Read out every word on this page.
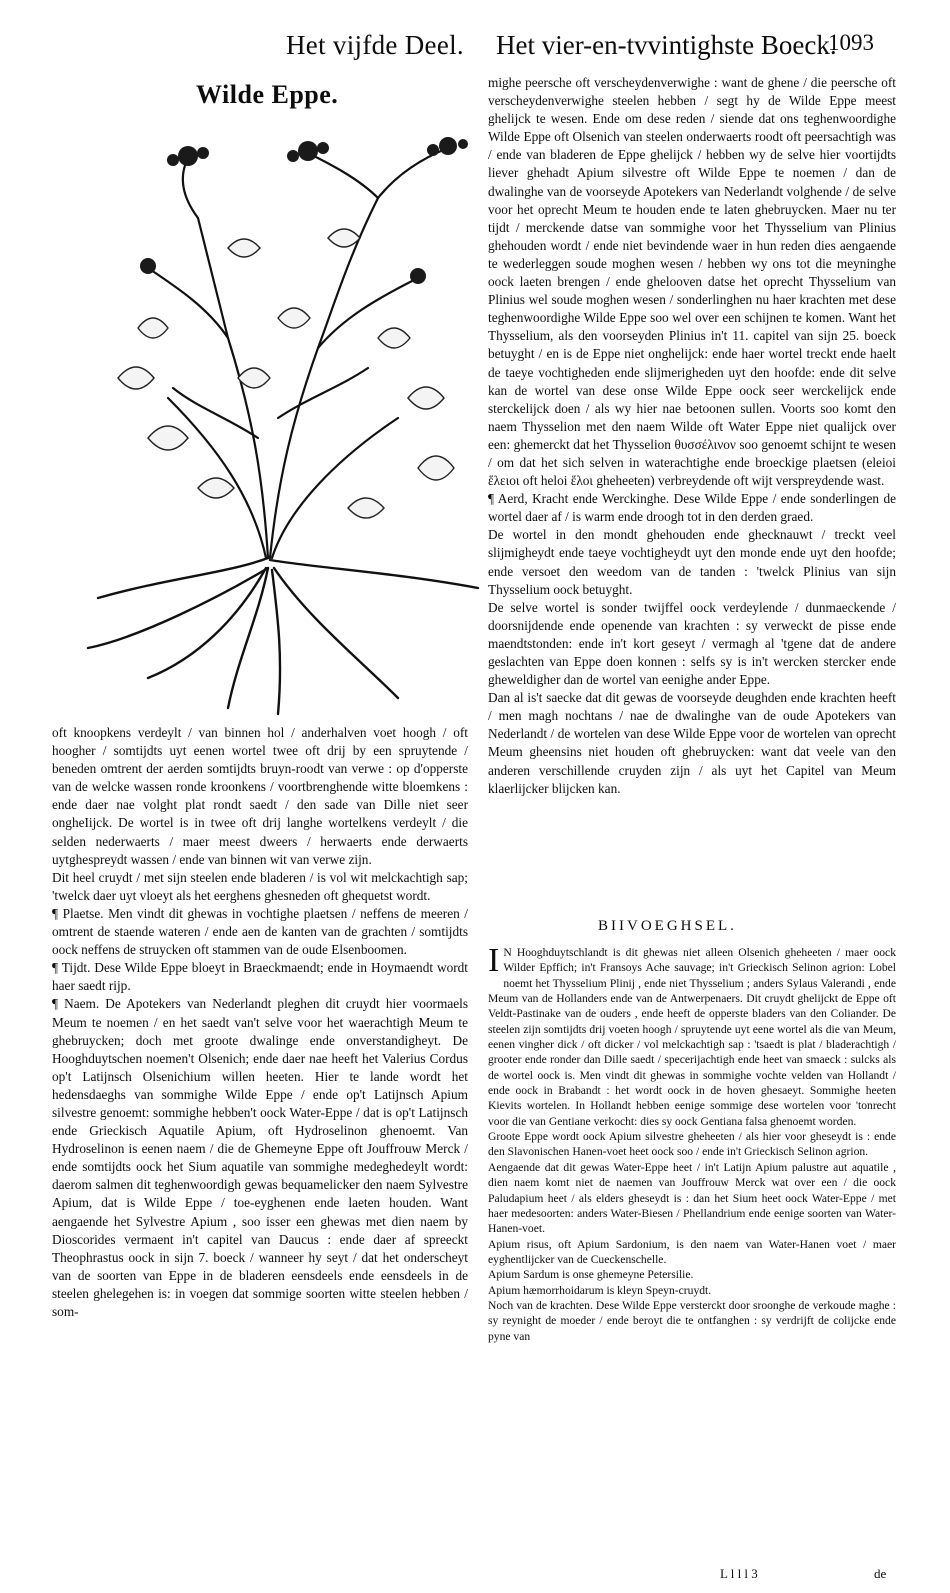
Het vijfde Deel. Het vier-en-tvvintighste Boeck.
1093
Wilde Eppe.

oft knoopkens verdeylt / van binnen hol / anderhalven voet hoogh / oft hoogher / somtijdts uyt eenen wortel twee oft drij by een spruytende / beneden omtrent der aerden somtijdts bruyn-roodt van verwe : op d'opperste van de welcke wassen ronde kroonkens / voortbrenghende witte bloemkens : ende daer nae volght plat rondt saedt / den sade van Dille niet seer ongheIijck. De wortel is in twee oft drij langhe wortelkens verdeylt / die selden nederwaerts / maer meest dweers / herwaerts ende derwaerts uytghespreydt wassen / ende van binnen wit van verwe zijn.

Dit heel cruydt / met sijn steelen ende bladeren / is vol wit melckachtigh sap; 'twelck daer uyt vloeyt als het eerghens ghesneden oft ghequetst wordt.

¶ Plaetse. Men vindt dit ghewas in vochtighe plaetsen / neffens de meeren / omtrent de staende wateren / ende aen de kanten van de grachten / somtijdts oock neffens de struycken oft stammen van de oude Elsenboomen.

¶ Tijdt. Dese Wilde Eppe bloeyt in Braeckmaendt; ende in Hoymaendt wordt haer saedt rijp.

¶ Naem. De Apotekers van Nederlandt pleghen dit cruydt hier voormaels Meum te noemen / en het saedt van't selve voor het waerachtigh Meum te ghebruycken; doch met groote dwalinge ende onverstandigheyt. De Hooghduytschen noemen't Olsenich; ende daer nae heeft het Valerius Cordus op't Latijnsch Olsenichium willen heeten. Hier te lande wordt het hedensdaeghs van sommighe Wilde Eppe / ende op't Latijnsch Apium silvestre genoemt: sommighe hebben't oock Water-Eppe / dat is op't Latijnsch ende Grieckisch Aquatile Apium, oft Hydroselinon ghenoemt. Van Hydroselinon is eenen naem / die de Ghemeyne Eppe oft Jouffrouw Merck / ende somtijdts oock het Sium aquatile van sommighe medeghedeylt wordt: daerom salmen dit teghenwoordigh gewas bequamelicker den naem Sylvestre Apium, dat is Wilde Eppe / toe-eyghenen ende laeten houden. Want aengaende het Sylvestre Apium , soo isser een ghewas met dien naem by Dioscorides vermaent in't capitel van Daucus : ende daer af spreeckt Theophrastus oock in sijn 7. boeck / wanneer hy seyt / dat het onderscheyt van de soorten van Eppe in de bladeren eensdeels ende eensdeels in de steelen ghelegehen is: in voegen dat sommige soorten witte steelen hebben / som-

mighe peersche oft verscheydenverwighe : want de ghene / die peersche oft verscheydenverwighe steelen hebben / segt hy de Wilde Eppe meest ghelijck te wesen. Ende om dese reden / siende dat ons teghenwoordighe Wilde Eppe oft Olsenich van steelen onderwaerts roodt oft peersachtigh was / ende van bladeren de Eppe ghelijck / hebben wy de selve hier voortijdts liever ghehadt Apium silvestre oft Wilde Eppe te noemen / dan de dwalinghe van de voorseyde Apotekers van Nederlandt volghende / de selve voor het oprecht Meum te houden ende te laten ghebruycken. Maer nu ter tijdt / merckende datse van sommighe voor het Thysselium van Plinius ghehouden wordt / ende niet bevindende waer in hun reden dies aengaende te wederleggen soude moghen wesen / hebben wy ons tot die meyninghe oock laeten brengen / ende ghelooven datse het oprecht Thysselium van Plinius wel soude moghen wesen / sonderlinghen nu haer krachten met dese teghenwoordighe Wilde Eppe soo wel over een schijnen te komen. Want het Thysselium, als den voorseyden Plinius in't 11. capitel van sijn 25. boeck betuyght / en is de Eppe niet onghelijck: ende haer wortel treckt ende haelt de taeye vochtigheden ende slijmerigheden uyt den hoofde: ende dit selve kan de wortel van dese onse Wilde Eppe oock seer werckelijck ende sterckelijck doen / als wy hier nae betoonen sullen. Voorts soo komt den naem Thysselion met den naem Wilde oft Water Eppe niet qualijck over een: ghemerckt dat het Thysselion θυσσέλινον soo genoemt schijnt te wesen / om dat het sich selven in waterachtighe ende broeckige plaetsen (eleioi ἕλειοι oft heloi ἕλοι gheheeten) verbreydende oft wijt verspreydende wast.

¶ Aerd, Kracht ende Werckinghe. Dese Wilde Eppe / ende sonderlingen de wortel daer af / is warm ende droogh tot in den derden graed.

De wortel in den mondt ghehouden ende ghecknauwt / treckt veel slijmigheydt ende taeye vochtigheydt uyt den monde ende uyt den hoofde; ende versoet den weedom van de tanden : 'twelck Plinius van sijn Thysselium oock betuyght.

De selve wortel is sonder twijffel oock verdeylende / dunmaeckende / doorsnijdende ende openende van krachten : sy verweckt de pisse ende maendtstonden: ende in't kort geseyt / vermagh al 'tgene dat de andere geslachten van Eppe doen konnen : selfs sy is in't wercken stercker ende gheweldigher dan de wortel van eenighe ander Eppe.

Dan al is't saecke dat dit gewas de voorseyde deughden ende krachten heeft / men magh nochtans / nae de dwalinghe van de oude Apotekers van Nederlandt / de wortelen van dese Wilde Eppe voor de wortelen van oprecht Meum gheensins niet houden oft ghebruycken: want dat veele van den anderen verschillende cruyden zijn / als uyt het Capitel van Meum klaerlijcker blijcken kan.

BIIVOEGHSEL.

I N Hooghduytschlandt is dit ghewas niet alleen Olsenich gheheeten / maer oock Wilder Epffich; in't Fransoys Ache sauvage; in't Grieckisch Selinon agrion: Lobel noemt het Thysselium Plinij , ende niet Thysselium ; anders Sylaus Valerandi , ende Meum van de Hollanders ende van de Antwerpenaers. Dit cruydt ghelijckt de Eppe oft Veldt-Pastinake van de ouders , ende heeft de opperste bladers van den Coliander. De steelen zijn somtijdts drij voeten hoogh / spruytende uyt eene wortel als die van Meum, eenen vingher dick / oft dicker / vol melckachtigh sap : 'tsaedt is plat / bladerachtigh / grooter ende ronder dan Dille saedt / specerijachtigh ende heet van smaeck : sulcks als de wortel oock is. Men vindt dit ghewas in sommighe vochte velden van Hollandt / ende oock in Brabandt : het wordt oock in de hoven ghesaeyt. Sommighe heeten Kievits wortelen. In Hollandt hebben eenige sommige dese wortelen voor 'tonrecht voor die van Gentiane verkocht: dies sy oock Gentiana falsa ghenoemt worden.

Groote Eppe wordt oock Apium silvestre gheheeten / als hier voor gheseydt is : ende den Slavonischen Hanen-voet heet oock soo / ende in't Grieckisch Selinon agrion.

Aengaende dat dit gewas Water-Eppe heet / in't Latijn Apium palustre aut aquatile , dien naem komt niet de naemen van Jouffrouw Merck wat over een / die oock Paludapium heet / als elders gheseydt is : dan het Sium heet oock Water-Eppe / met haer medesoorten: anders Water-Biesen / Phellandrium ende eenige soorten van Water-Hanen-voet.

Apium risus, oft Apium Sardonium, is den naem van Water-Hanen voet / maer eyghentlijcker van de Cueckenschelle.

Apium Sardum is onse ghemeyne Petersilie.

Apium hæmorrhoidarum is kleyn Speyn-cruydt.

Noch van de krachten. Dese Wilde Eppe versterckt door sroonghe de verkoude maghe : sy reynight de moeder / ende beroyt die te ontfanghen : sy verdrijft de colijcke ende pyne van

L l l l 3	de
